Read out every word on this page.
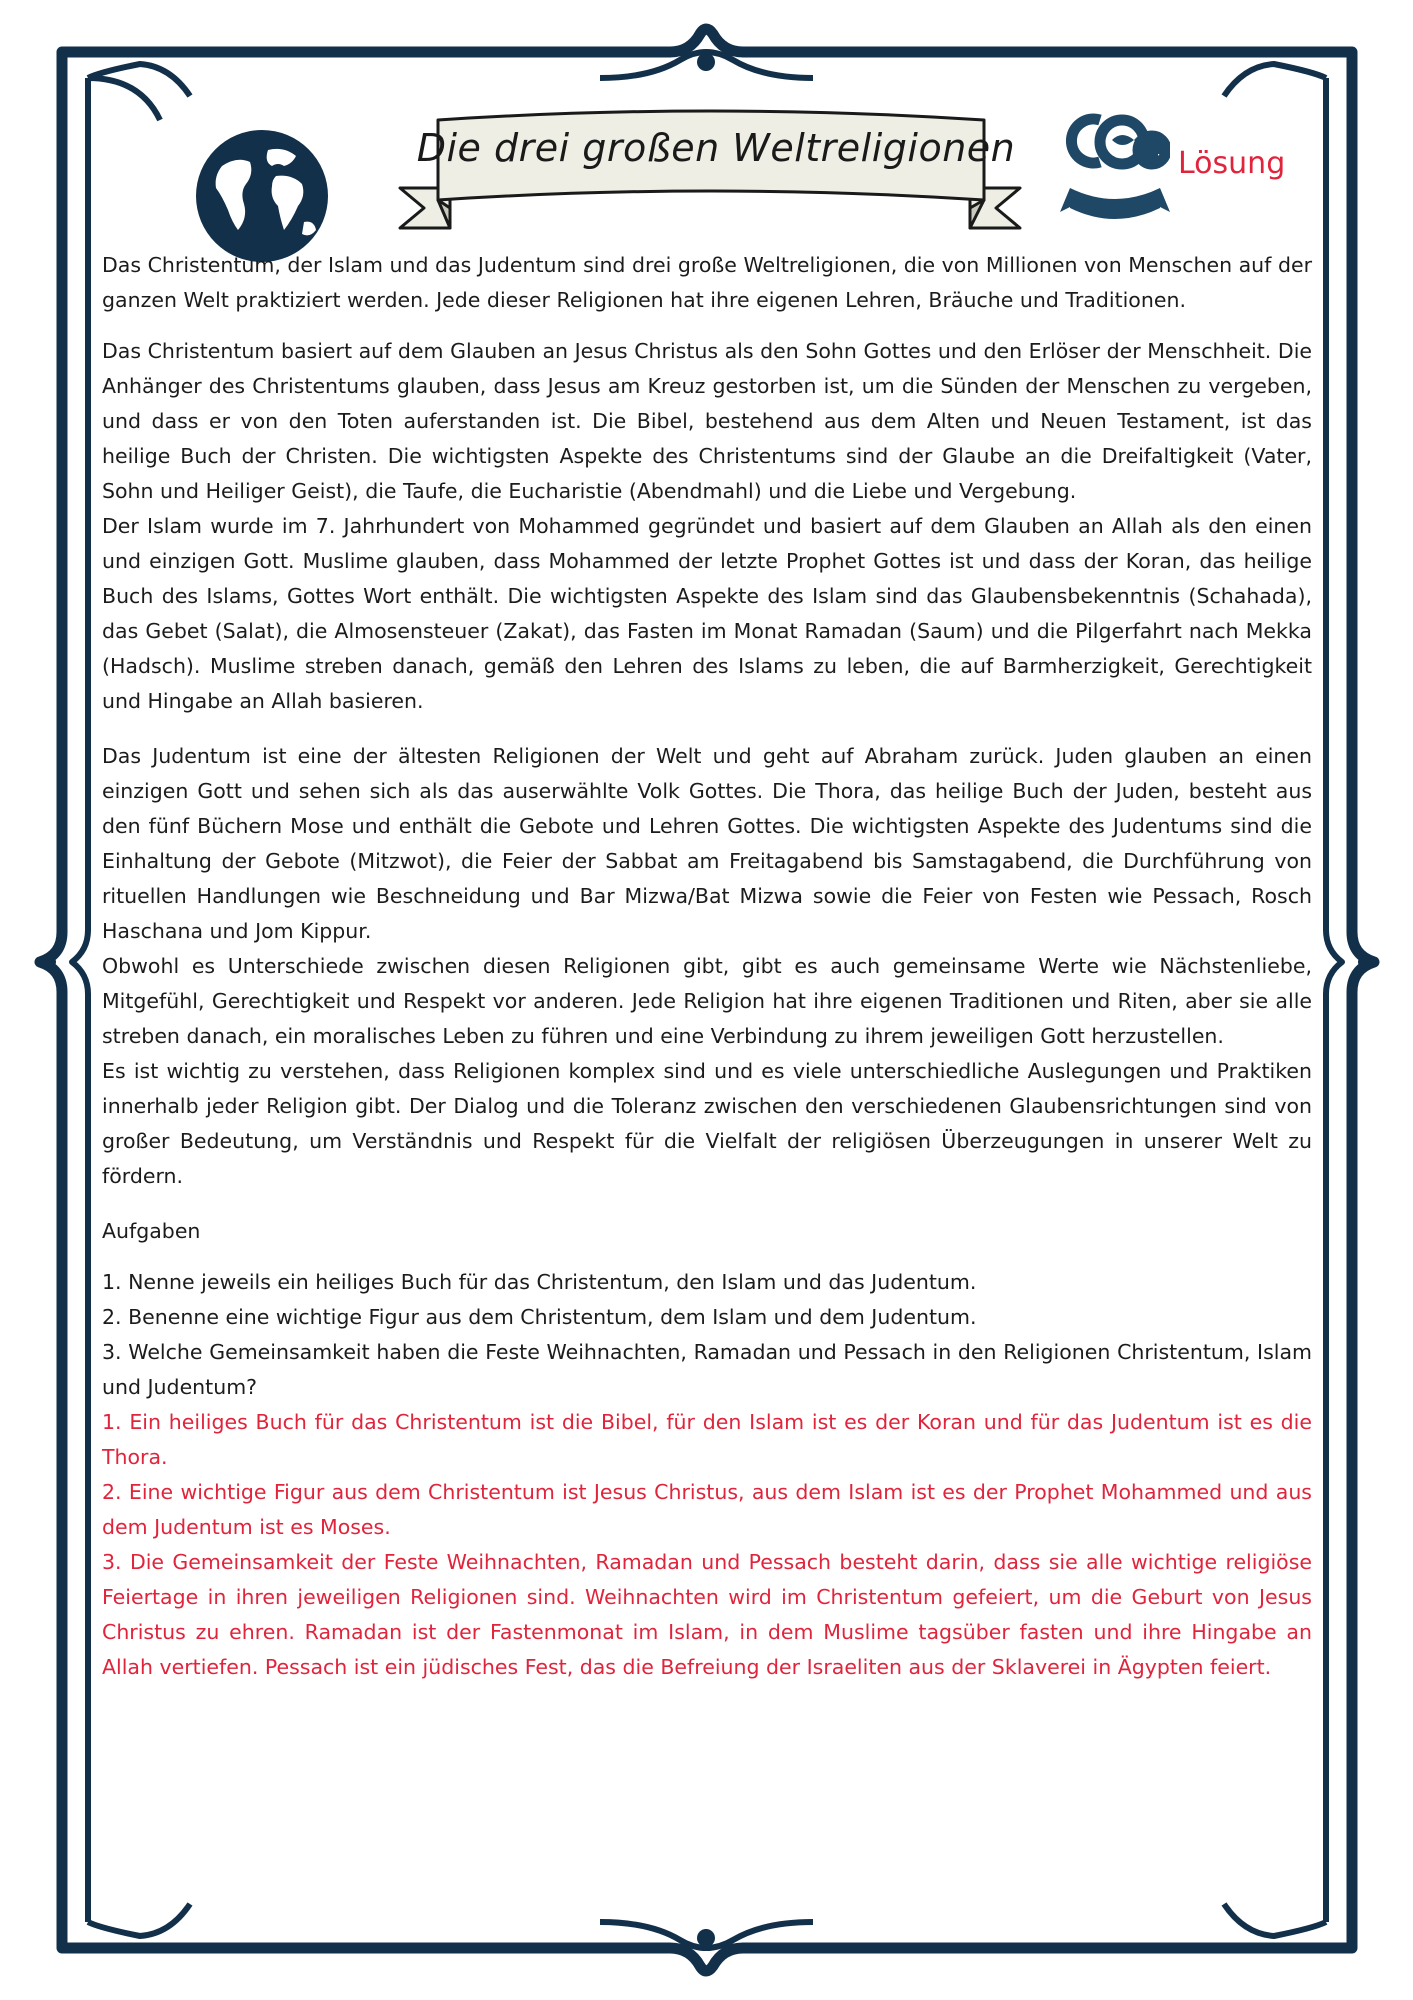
Die drei großen Weltreligionen	Lösung

Das Christentum, der Islam und das Judentum sind drei große Weltreligionen, die von Millionen von Menschen auf der ganzen Welt praktiziert werden. Jede dieser Religionen hat ihre eigenen Lehren, Bräuche und Traditionen.

Das Christentum basiert auf dem Glauben an Jesus Christus als den Sohn Gottes und den Erlöser der Menschheit. Die Anhänger des Christentums glauben, dass Jesus am Kreuz gestorben ist, um die Sünden der Menschen zu vergeben, und dass er von den Toten auferstanden ist. Die Bibel, bestehend aus dem Alten und Neuen Testament, ist das heilige Buch der Christen. Die wichtigsten Aspekte des Christentums sind der Glaube an die Dreifaltigkeit (Vater, Sohn und Heiliger Geist), die Taufe, die Eucharistie (Abendmahl) und die Liebe und Vergebung.

Der Islam wurde im 7. Jahrhundert von Mohammed gegründet und basiert auf dem Glauben an Allah als den einen und einzigen Gott. Muslime glauben, dass Mohammed der letzte Prophet Gottes ist und dass der Koran, das heilige Buch des Islams, Gottes Wort enthält. Die wichtigsten Aspekte des Islam sind das Glaubensbekenntnis (Schahada), das Gebet (Salat), die Almosensteuer (Zakat), das Fasten im Monat Ramadan (Saum) und die Pilgerfahrt nach Mekka (Hadsch). Muslime streben danach, gemäß den Lehren des Islams zu leben, die auf Barmherzigkeit, Gerechtigkeit und Hingabe an Allah basieren.

Das Judentum ist eine der ältesten Religionen der Welt und geht auf Abraham zurück. Juden glauben an einen einzigen Gott und sehen sich als das auserwählte Volk Gottes. Die Thora, das heilige Buch der Juden, besteht aus den fünf Büchern Mose und enthält die Gebote und Lehren Gottes. Die wichtigsten Aspekte des Judentums sind die Einhaltung der Gebote (Mitzwot), die Feier der Sabbat am Freitagabend bis Samstagabend, die Durchführung von rituellen Handlungen wie Beschneidung und Bar Mizwa/Bat Mizwa sowie die Feier von Festen wie Pessach, Rosch Haschana und Jom Kippur.

Obwohl es Unterschiede zwischen diesen Religionen gibt, gibt es auch gemeinsame Werte wie Nächstenliebe, Mitgefühl, Gerechtigkeit und Respekt vor anderen. Jede Religion hat ihre eigenen Traditionen und Riten, aber sie alle streben danach, ein moralisches Leben zu führen und eine Verbindung zu ihrem jeweiligen Gott herzustellen.

Es ist wichtig zu verstehen, dass Religionen komplex sind und es viele unterschiedliche Auslegungen und Praktiken innerhalb jeder Religion gibt. Der Dialog und die Toleranz zwischen den verschiedenen Glaubensrichtungen sind von großer Bedeutung, um Verständnis und Respekt für die Vielfalt der religiösen Überzeugungen in unserer Welt zu fördern.

Aufgaben

1. Nenne jeweils ein heiliges Buch für das Christentum, den Islam und das Judentum.

2. Benenne eine wichtige Figur aus dem Christentum, dem Islam und dem Judentum.

3. Welche Gemeinsamkeit haben die Feste Weihnachten, Ramadan und Pessach in den Religionen Christentum, Islam und Judentum?

1. Ein heiliges Buch für das Christentum ist die Bibel, für den Islam ist es der Koran und für das Judentum ist es die Thora.

2. Eine wichtige Figur aus dem Christentum ist Jesus Christus, aus dem Islam ist es der Prophet Mohammed und aus dem Judentum ist es Moses.

3. Die Gemeinsamkeit der Feste Weihnachten, Ramadan und Pessach besteht darin, dass sie alle wichtige religiöse Feiertage in ihren jeweiligen Religionen sind. Weihnachten wird im Christentum gefeiert, um die Geburt von Jesus Christus zu ehren. Ramadan ist der Fastenmonat im Islam, in dem Muslime tagsüber fasten und ihre Hingabe an Allah vertiefen. Pessach ist ein jüdisches Fest, das die Befreiung der Israeliten aus der Sklaverei in Ägypten feiert.
